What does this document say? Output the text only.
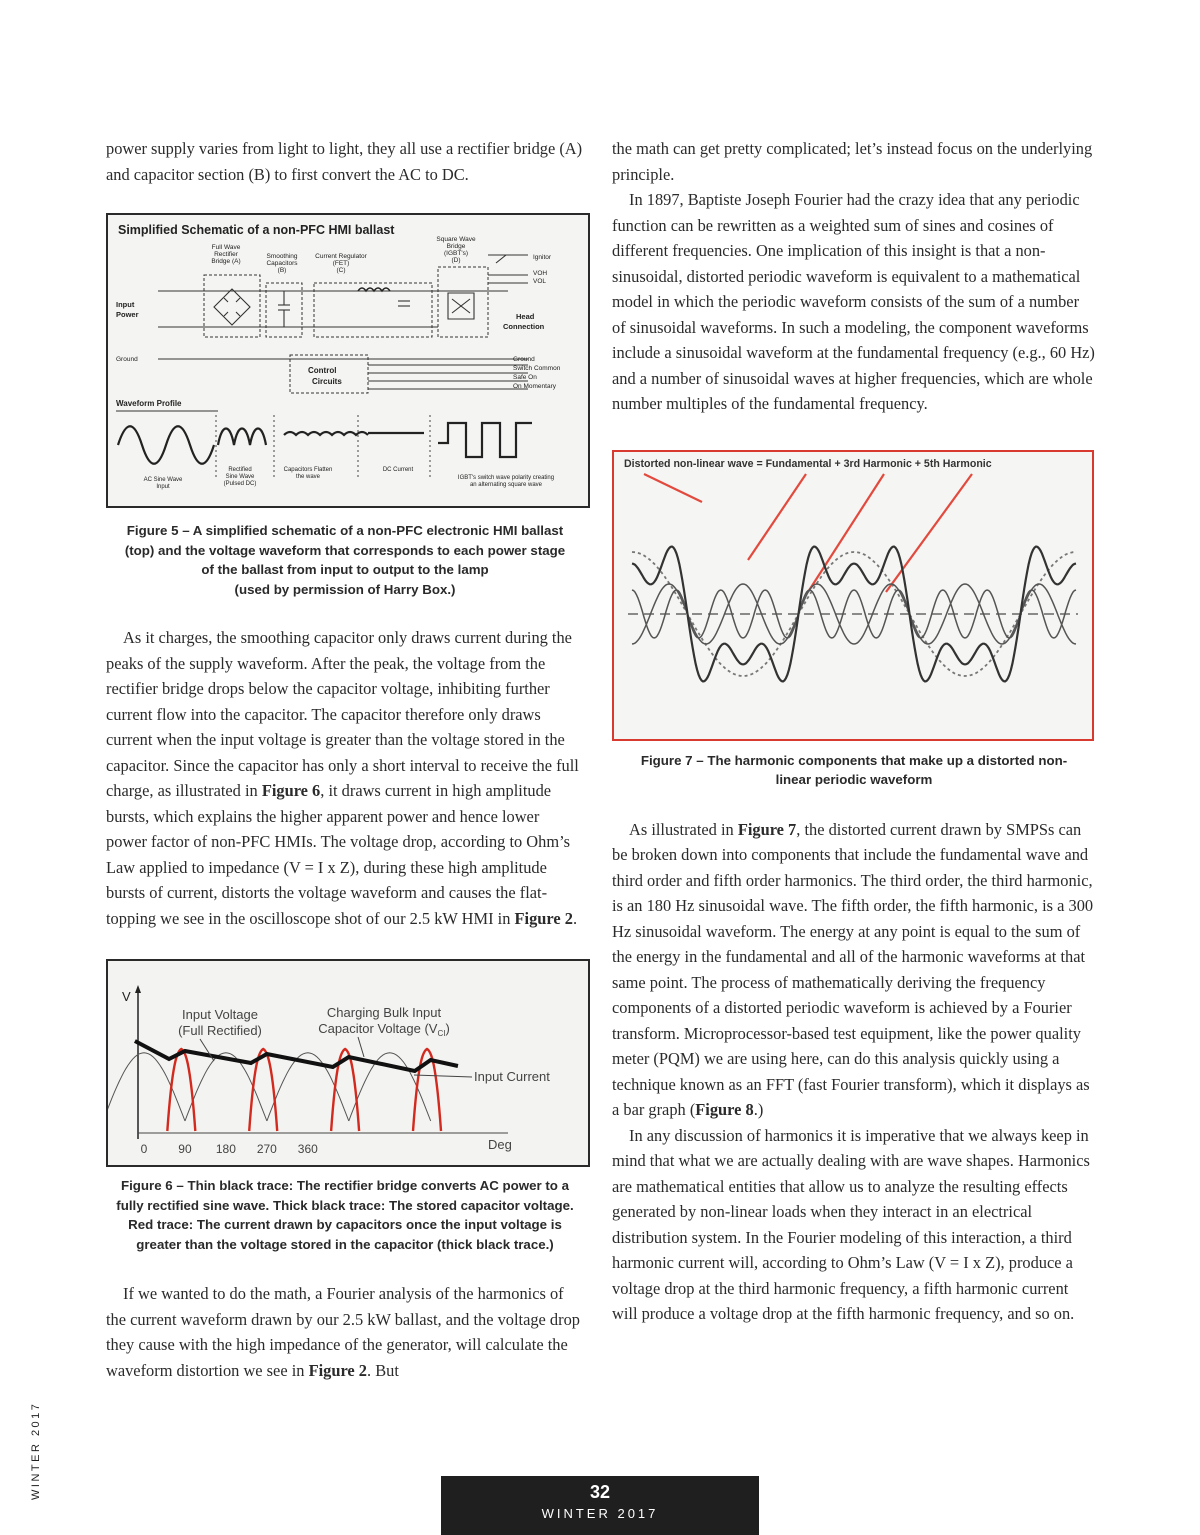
power supply varies from light to light, they all use a rectifier bridge (A) and capacitor section (B) to first convert the AC to DC.

Simplified Schematic of a non-PFC HMI ballast
Full Wave
Rectifier
Bridge (A)
Smoothing
Capacitors
(B)
Current Regulator
(FET)
(C)
Square Wave
Bridge
(IGBT's)
(D)	Ignitor
VOH
VOL
Input
Power	Head
Connection
Ground
Control
Circuits
Ground
Switch Common
Safe On
On Momentary
Waveform Profile
AC Sine Wave
Input
Rectified
Sine Wave
(Pulsed DC)
Capacitors Flatten
the wave
DC Current
IGBT's switch wave polarity creating
an alternating square wave

Figure 5 – A simplified schematic of a non-PFC electronic HMI ballast

(top) and the voltage waveform that corresponds to each power stage

of the ballast from input to output to the lamp

(used by permission of Harry Box.)

As it charges, the smoothing capacitor only draws current during the peaks of the supply waveform. After the peak, the voltage from the rectifier bridge drops below the capacitor voltage, inhibiting further current flow into the capacitor. The capacitor therefore only draws current when the input voltage is greater than the voltage stored in the capacitor. Since the capacitor has only a short interval to receive the full charge, as illustrated in Figure 6, it draws current in high amplitude bursts, which explains the higher apparent power and hence lower power factor of non-PFC HMIs. The voltage drop, according to Ohm’s Law applied to impedance (V = I x Z), during these high amplitude bursts of current, distorts the voltage waveform and causes the flat-topping we see in the oscilloscope shot of our 2.5 kW HMI in Figure 2.

V
Deg
0	90 180 270 360
Input Voltage
(Full Rectified)
Charging Bulk Input
Capacitor Voltage $(V_{CI})$
Input Current

Figure 6 – Thin black trace: The rectifier bridge converts AC power to a

fully rectified sine wave. Thick black trace: The stored capacitor voltage.

Red trace: The current drawn by capacitors once the input voltage is

greater than the voltage stored in the capacitor (thick black trace.)

If we wanted to do the math, a Fourier analysis of the harmonics of the current waveform drawn by our 2.5 kW ballast, and the voltage drop they cause with the high impedance of the generator, will calculate the waveform distortion we see in Figure 2. But

the math can get pretty complicated; let’s instead focus on the underlying principle.

In 1897, Baptiste Joseph Fourier had the crazy idea that any periodic function can be rewritten as a weighted sum of sines and cosines of different frequencies. One implication of this insight is that a non-sinusoidal, distorted periodic waveform is equivalent to a mathematical model in which the periodic waveform consists of the sum of a number of sinusoidal waveforms. In such a modeling, the component waveforms include a sinusoidal waveform at the fundamental frequency (e.g., 60 Hz) and a number of sinusoidal waves at higher frequencies, which are whole number multiples of the fundamental frequency.

Distorted non-linear wave = Fundamental + 3rd Harmonic + 5th Harmonic

Figure 7 – The harmonic components that make up a distorted non-

linear periodic waveform

As illustrated in Figure 7, the distorted current drawn by SMPSs can be broken down into components that include the fundamental wave and third order and fifth order harmonics. The third order, the third harmonic, is an 180 Hz sinusoidal wave. The fifth order, the fifth harmonic, is a 300 Hz sinusoidal waveform. The energy at any point is equal to the sum of the energy in the fundamental and all of the harmonic waveforms at that same point. The process of mathematically deriving the frequency components of a distorted periodic waveform is achieved by a Fourier transform. Microprocessor-based test equipment, like the power quality meter (PQM) we are using here, can do this analysis quickly using a technique known as an FFT (fast Fourier transform), which it displays as a bar graph (Figure 8.)

In any discussion of harmonics it is imperative that we always keep in mind that what we are actually dealing with are wave shapes. Harmonics are mathematical entities that allow us to analyze the resulting effects generated by non-linear loads when they interact in an electrical distribution system. In the Fourier modeling of this interaction, a third harmonic current will, according to Ohm’s Law (V = I x Z), produce a voltage drop at the third harmonic frequency, a fifth harmonic current will produce a voltage drop at the fifth harmonic frequency, and so on.

WINTER 2017	32
WINTER 2017
